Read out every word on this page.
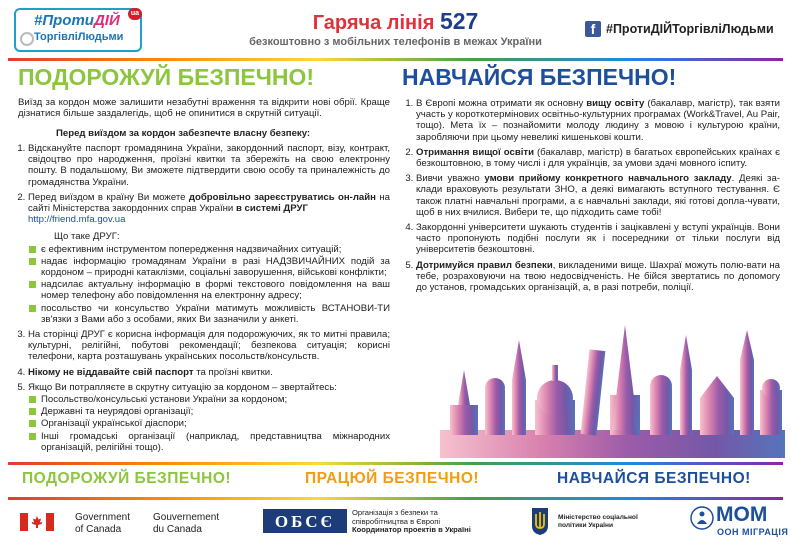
#ПротиДІЙ
ТоргівліЛюдьми
ua	Гаряча лінія 527
безкоштовно з мобільних телефонів в межах України
f #ПротиДІЙТоргівліЛюдьми
ПОДОРОЖУЙ БЕЗПЕЧНО!
Виїзд за кордон може залишити незабутні враження та відкрити нові обрії. Краще дізнатися більше заздалегідь, щоб не опинитися в скрутній ситуації.
Перед виїздом за кордон забезпечте власну безпеку:
1. Відскануйте паспорт громадянина України, закордонний паспорт, візу, контракт, свідоцтво про народження, проїзні квитки та збережіть на свою електронну пошту. В подальшому, Ви зможете підтвердити свою особу та приналежність до громадянства України.
2. Перед виїздом в країну Ви можете добровільно зареєструватись он-лайн на сайті Міністерства закордонних справ України в системі ДРУГ
http://friend.mfa.gov.ua
Що таке ДРУГ:
є ефективним інструментом попередження надзвичайних ситуацій;
надає інформацію громадянам України в разі НАДЗВИЧАЙНИХ подій за кордоном – природні катаклізми, соціальні заворушення, військові конфлікти;
надсилає актуальну інформацію в формі текстового повідомлення на ваш номер телефону або повідомлення на електронну адресу;
посольство чи консульство України матимуть можливість ВСТАНОВИ-ТИ зв'язки з Вами або з особами, яких Ви зазначили у анкеті.
3. На сторінці ДРУГ є корисна інформація для подорожуючих, як то митні правила; культурні, релігійні, побутові рекомендації; безпекова ситуація; корисні телефони, карта розташувань українських посольств/консульств.
4. Нікому не віддавайте свій паспорт та проїзні квитки.
5. Якщо Ви потрапляєте в скрутну ситуацію за кордоном – звертайтесь:
Посольство/консульські установи України за кордоном;
Державні та неурядові організації;
Організації української діаспори;
Інші громадські організації (наприклад, представництва міжнародних організацій, релігійні тощо).
НАВЧАЙСЯ БЕЗПЕЧНО!
1. В Європі можна отримати як основну вищу освіту (бакалавр, магістр), так взяти участь у короткотермінових освітньо-культурних програмах (Work&Travel, Au Pair, тощо). Мета їх – познайомити молоду людину з мовою і культурою країни, заробляючи при цьому невеликі кишенькові кошти.
2. Отримання вищої освіти (бакалавр, магістр) в багатьох європейських країнах є безкоштовною, в тому числі і для українців, за умови здачі мовного іспиту.
3. Вивчи уважно умови прийому конкретного навчального закладу. Деякі за-клади враховують результати ЗНО, а деякі вимагають вступного тестування. Є також платні навчальні програми, а є навчальні заклади, які готові допла-чувати, щоб в них вчилися. Вибери те, що підходить саме тобі!
4. Закордонні університети шукають студентів і зацікавлені у вступі українців. Вони часто пропонують подібні послуги як і посередники от тільки послуги від університетів безкоштовні.
5. Дотримуйся правил безпеки, викладеними вище. Шахраї можуть полю-вати на тебе, розраховуючи на твою недосвідченість. Не бійся звертатись по допомогу до установ, громадських організацій, а, в разі потреби, поліції.
ПОДОРОЖУЙ БЕЗПЕЧНО!	ПРАЦЮЙ БЕЗПЕЧНО!	НАВЧАЙСЯ БЕЗПЕЧНО!
Government
of Canada
Gouvernement
du Canada	ОБСЄ	Організація з безпеки та
співробітництва в Європі
Координатор проектів в Україні
Міністерство соціальної
політики України	МОМ
ООН МІГРАЦІЯ
